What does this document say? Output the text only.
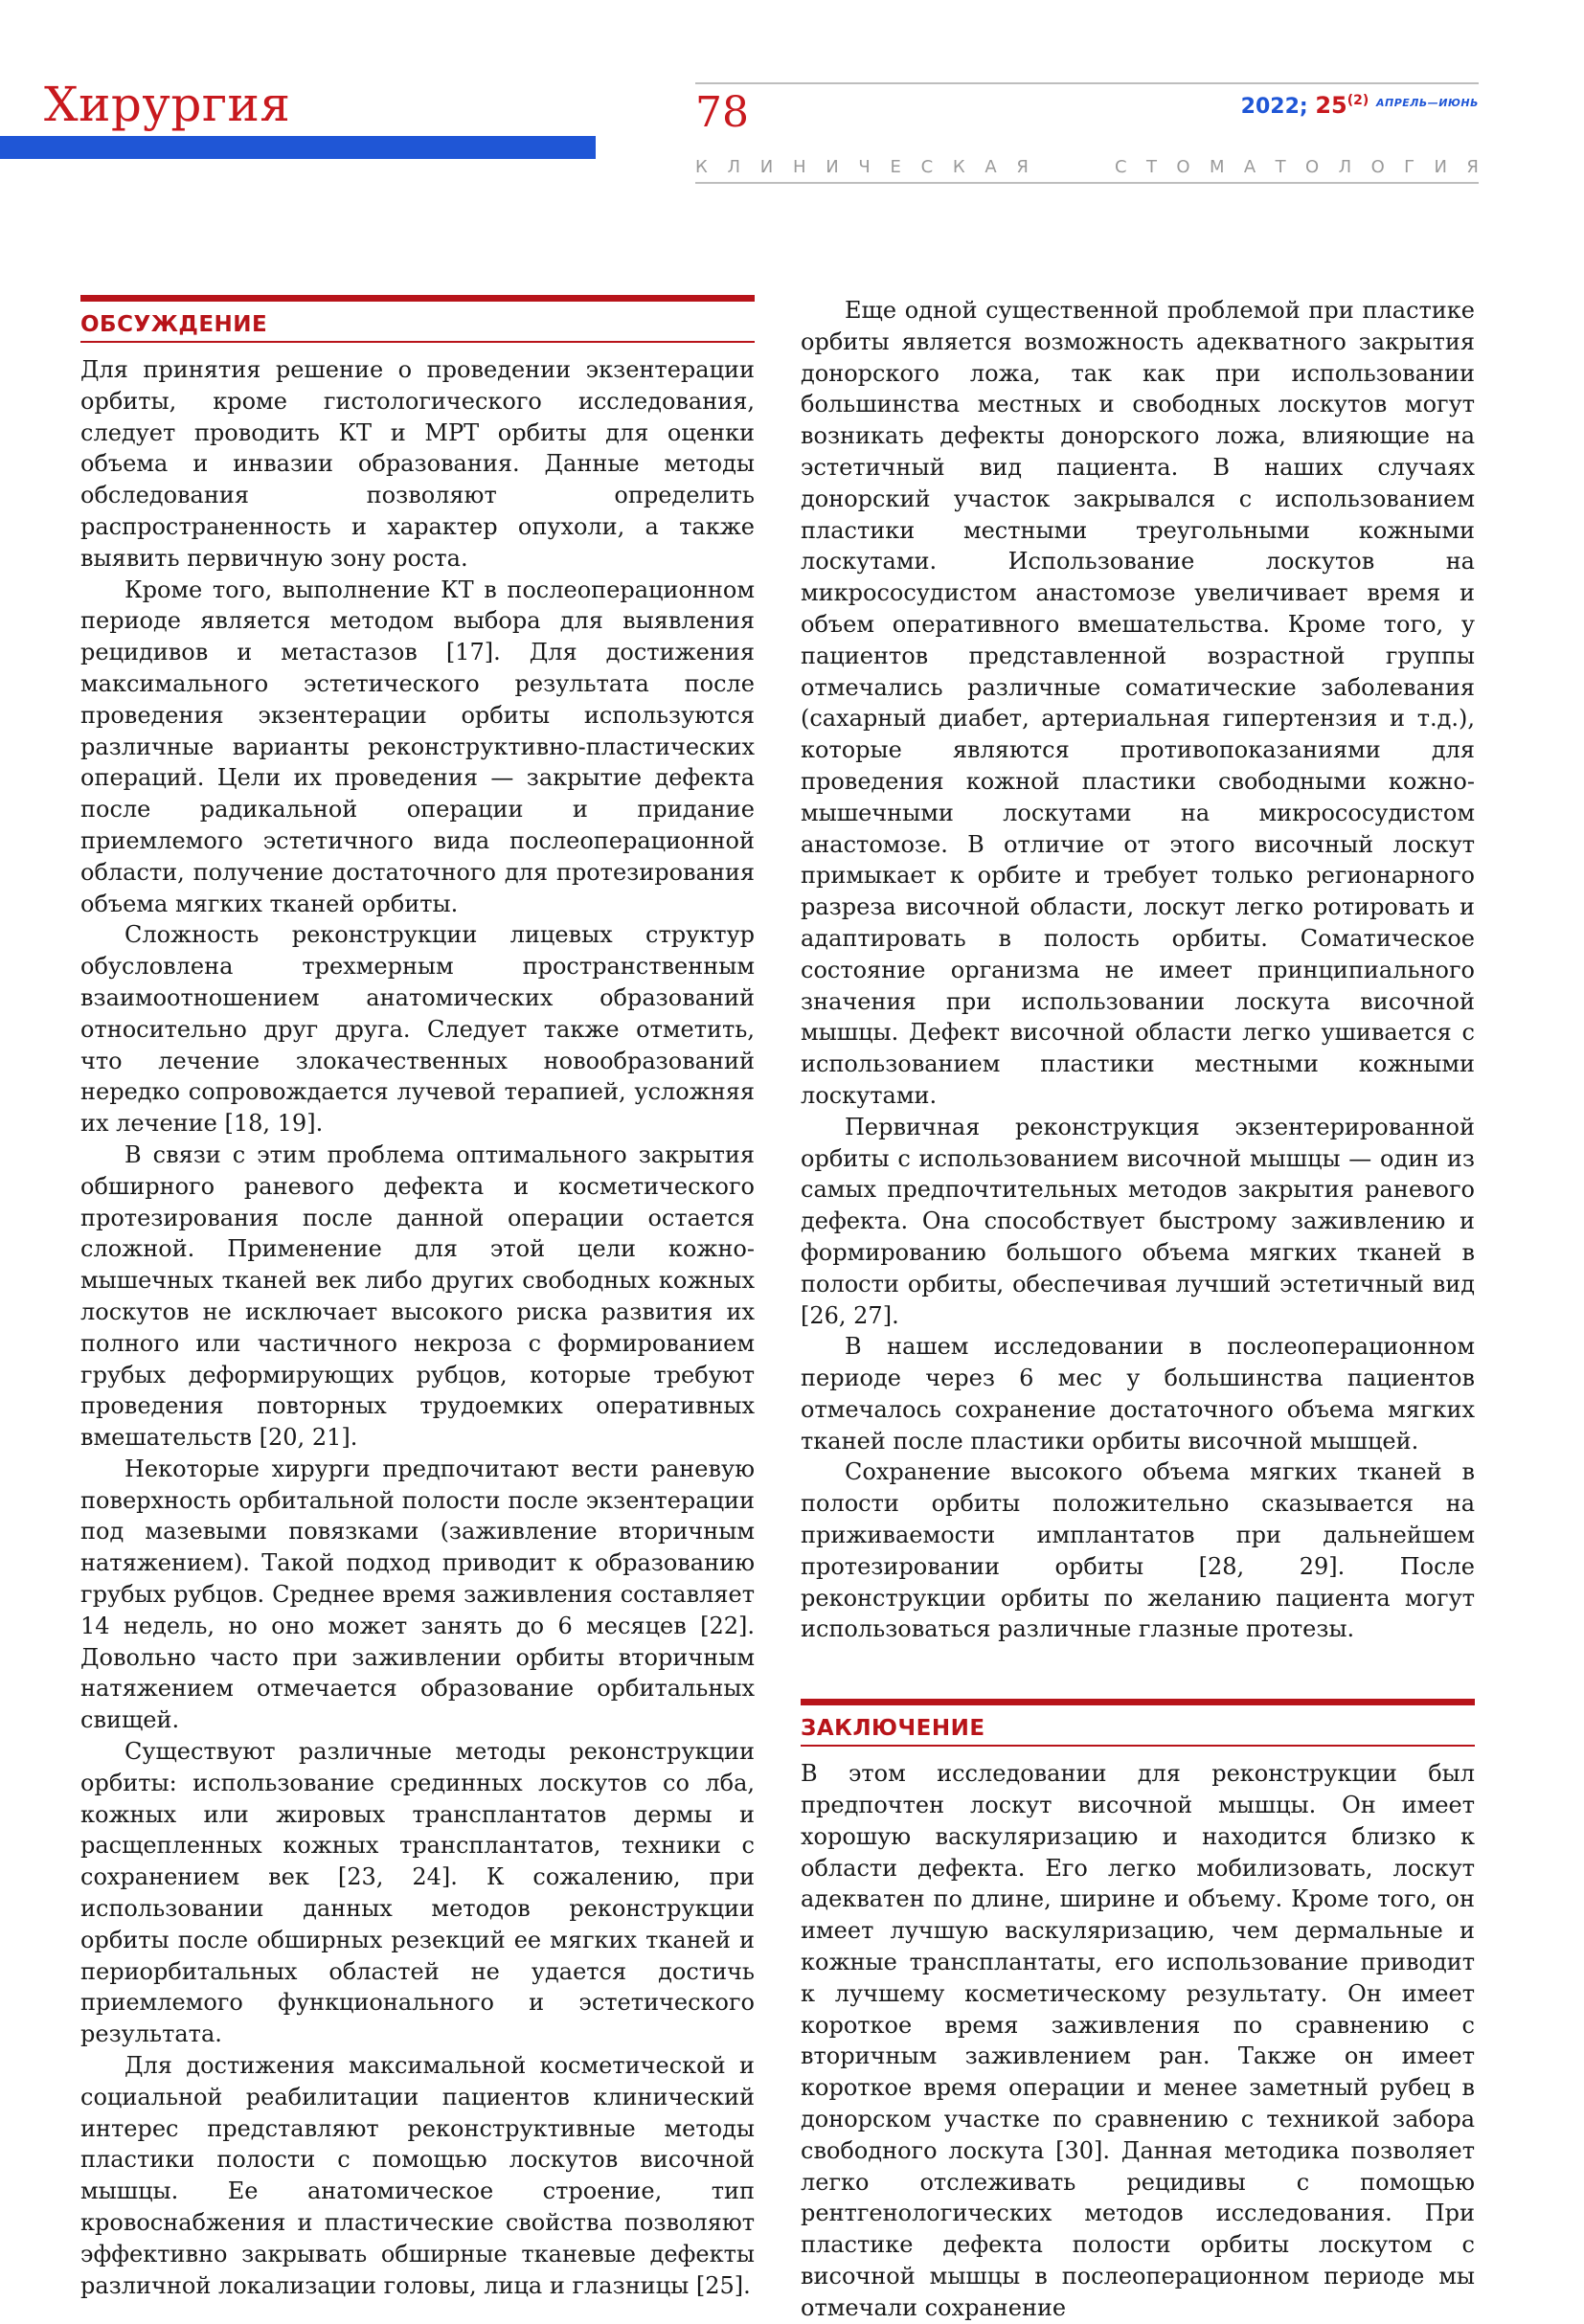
Хирургия	78	2022; 25$^{(2)}$ $^{АПРЕЛЬ—ИЮНЬ}$
К Л И Н И Ч Е С К А Я	С Т О М А Т О Л О Г И Я
ОБСУЖДЕНИЕ

Для принятия решение о проведении экзентерации орбиты, кроме гистологического исследования, следует проводить КТ и МРТ орбиты для оценки объема и инвазии образования. Данные методы обследования позволяют определить распространенность и характер опухоли, а также выявить первичную зону роста.

Кроме того, выполнение КТ в послеоперационном периоде является методом выбора для выявления рецидивов и метастазов [17]. Для достижения максимального эстетического результата после проведения экзентерации орбиты используются различные варианты реконструктивно-пластических операций. Цели их проведения — закрытие дефекта после радикальной операции и придание приемлемого эстетичного вида послеоперационной области, получение достаточного для протезирования объема мягких тканей орбиты.

Сложность реконструкции лицевых структур обусловлена трехмерным пространственным взаимоотношением анатомических образований относительно друг друга. Следует также отметить, что лечение злокачественных новообразований нередко сопровождается лучевой терапией, усложняя их лечение [18, 19].

В связи с этим проблема оптимального закрытия обширного раневого дефекта и косметического протезирования после данной операции остается сложной. Применение для этой цели кожно-мышечных тканей век либо других свободных кожных лоскутов не исключает высокого риска развития их полного или частичного некроза с формированием грубых деформирующих рубцов, которые требуют проведения повторных трудоемких оперативных вмешательств [20, 21].

Некоторые хирурги предпочитают вести раневую поверхность орбитальной полости после экзентерации под мазевыми повязками (заживление вторичным натяжением). Такой подход приводит к образованию грубых рубцов. Среднее время заживления составляет 14 недель, но оно может занять до 6 месяцев [22]. Довольно часто при заживлении орбиты вторичным натяжением отмечается образование орбитальных свищей.

Существуют различные методы реконструкции орбиты: использование срединных лоскутов со лба, кожных или жировых трансплантатов дермы и расщепленных кожных трансплантатов, техники с сохранением век [23, 24]. К сожалению, при использовании данных методов реконструкции орбиты после обширных резекций ее мягких тканей и периорбитальных областей не удается достичь приемлемого функционального и эстетического результата.

Для достижения максимальной косметической и социальной реабилитации пациентов клинический интерес представляют реконструктивные методы пластики полости с помощью лоскутов височной мышцы. Ее анатомическое строение, тип кровоснабжения и пластические свойства позволяют эффективно закрывать обширные тканевые дефекты различной локализации головы, лица и глазницы [25].

Еще одной существенной проблемой при пластике орбиты является возможность адекватного закрытия донорского ложа, так как при использовании большинства местных и свободных лоскутов могут возникать дефекты донорского ложа, влияющие на эстетичный вид пациента. В наших случаях донорский участок закрывался с использованием пластики местными треугольными кожными лоскутами. Использование лоскутов на микрососудистом анастомозе увеличивает время и объем оперативного вмешательства. Кроме того, у пациентов представленной возрастной группы отмечались различные соматические заболевания (сахарный диабет, артериальная гипертензия и т.д.), которые являются противопоказаниями для проведения кожной пластики свободными кожно-мышечными лоскутами на микрососудистом анастомозе. В отличие от этого височный лоскут примыкает к орбите и требует только регионарного разреза височной области, лоскут легко ротировать и адаптировать в полость орбиты. Соматическое состояние организма не имеет принципиального значения при использовании лоскута височной мышцы. Дефект височной области легко ушивается с использованием пластики местными кожными лоскутами.

Первичная реконструкция экзентерированной орбиты с использованием височной мышцы — один из самых предпочтительных методов закрытия раневого дефекта. Она способствует быстрому заживлению и формированию большого объема мягких тканей в полости орбиты, обеспечивая лучший эстетичный вид [26, 27].

В нашем исследовании в послеоперационном периоде через 6 мес у большинства пациентов отмечалось сохранение достаточного объема мягких тканей после пластики орбиты височной мышцей.

Сохранение высокого объема мягких тканей в полости орбиты положительно сказывается на приживаемости имплантатов при дальнейшем протезировании орбиты [28, 29]. После реконструкции орбиты по желанию пациента могут использоваться различные глазные протезы.

ЗАКЛЮЧЕНИЕ

В этом исследовании для реконструкции был предпочтен лоскут височной мышцы. Он имеет хорошую васкуляризацию и находится близко к области дефекта. Его легко мобилизовать, лоскут адекватен по длине, ширине и объему. Кроме того, он имеет лучшую васкуляризацию, чем дермальные и кожные трансплантаты, его использование приводит к лучшему косметическому результату. Он имеет короткое время заживления по сравнению с вторичным заживлением ран. Также он имеет короткое время операции и менее заметный рубец в донорском участке по сравнению с техникой забора свободного лоскута [30]. Данная методика позволяет легко отслеживать рецидивы с помощью рентгенологических методов исследования. При пластике дефекта полости орбиты лоскутом с височной мышцы в послеоперационном периоде мы отмечали сохранение
